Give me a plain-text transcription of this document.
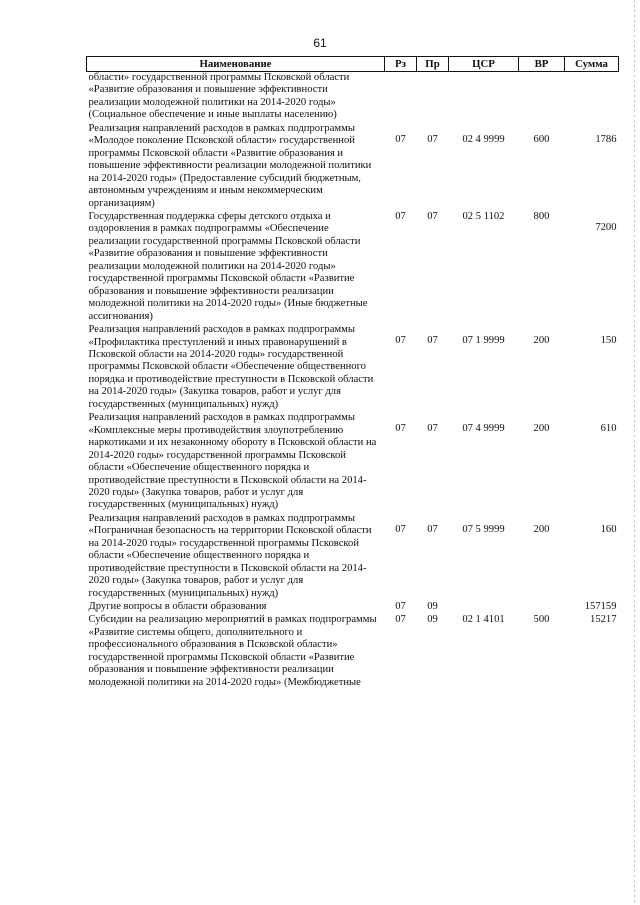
61
Наименование	Рз	Пр	ЦСР	ВР	Сумма
области» государственной программы Псковской области «Развитие образования и повышение эффективности реализации молодежной политики на 2014-2020 годы» (Социальное обеспечение и иные выплаты населению)					
Реализация направлений расходов в рамках подпрограммы «Молодое поколение Псковской области» государственной программы Псковской области «Развитие образования и повышение эффективности реализации молодежной политики на 2014-2020 годы» (Предоставление субсидий бюджетным, автономным учреждениям и иным некоммерческим организациям)	07	07	02 4 9999	600	1786
Государственная поддержка сферы детского отдыха и оздоровления в рамках подпрограммы «Обеспечение реализации государственной программы Псковской области «Развитие образования и повышение эффективности реализации молодежной политики на 2014-2020 годы» государственной программы Псковской области «Развитие образования и повышение эффективности реализации молодежной политики на 2014-2020 годы» (Иные бюджетные ассигнования)	07	07	02 5 1102	800	7200
Реализация направлений расходов в рамках подпрограммы «Профилактика преступлений и иных правонарушений в Псковской области на 2014-2020 годы» государственной программы Псковской области «Обеспечение общественного порядка и противодействие преступности в Псковской области на 2014-2020 годы» (Закупка товаров, работ и услуг для государственных (муниципальных) нужд)	07	07	07 1 9999	200	150
Реализация направлений расходов в рамках подпрограммы «Комплексные меры противодействия злоупотреблению наркотиками и их незаконному обороту в Псковской области на 2014-2020 годы» государственной программы Псковской области «Обеспечение общественного порядка и противодействие преступности в Псковской области на 2014-2020 годы» (Закупка товаров, работ и услуг для государственных (муниципальных) нужд)	07	07	07 4 9999	200	610
Реализация направлений расходов в рамках подпрограммы «Пограничная безопасность на территории Псковской области на 2014-2020 годы» государственной программы Псковской области «Обеспечение общественного порядка и противодействие преступности в Псковской области на 2014-2020 годы» (Закупка товаров, работ и услуг для государственных (муниципальных) нужд)	07	07	07 5 9999	200	160
Другие вопросы в области образования	07	09			157159
Субсидии на реализацию мероприятий в рамках подпрограммы «Развитие системы общего, дополнительного и профессионального образования в Псковской области» государственной программы Псковской области «Развитие образования и повышение эффективности реализации молодежной политики на 2014-2020 годы» (Межбюджетные	07	09	02 1 4101	500	15217
